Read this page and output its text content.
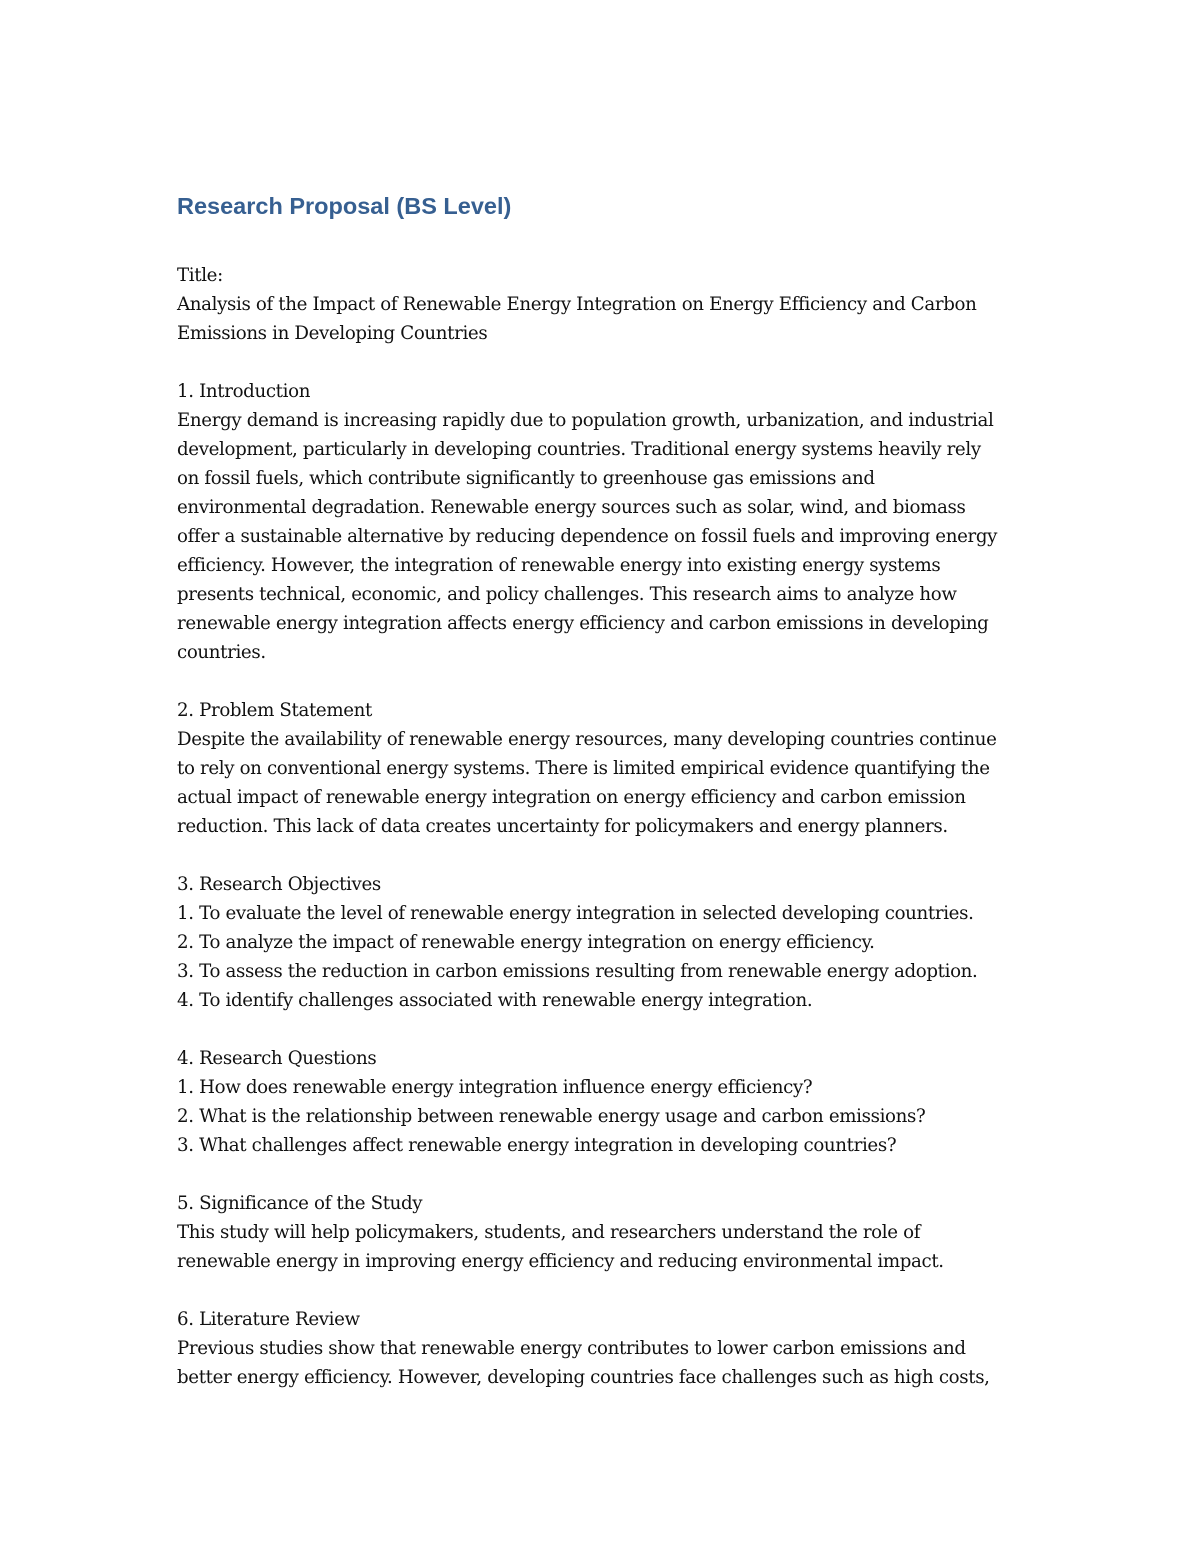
Research Proposal (BS Level)
Title:
Analysis of the Impact of Renewable Energy Integration on Energy Efficiency and Carbon
Emissions in Developing Countries
1. Introduction
Energy demand is increasing rapidly due to population growth, urbanization, and industrial
development, particularly in developing countries. Traditional energy systems heavily rely
on fossil fuels, which contribute significantly to greenhouse gas emissions and
environmental degradation. Renewable energy sources such as solar, wind, and biomass
offer a sustainable alternative by reducing dependence on fossil fuels and improving energy
efficiency. However, the integration of renewable energy into existing energy systems
presents technical, economic, and policy challenges. This research aims to analyze how
renewable energy integration affects energy efficiency and carbon emissions in developing
countries.
2. Problem Statement
Despite the availability of renewable energy resources, many developing countries continue
to rely on conventional energy systems. There is limited empirical evidence quantifying the
actual impact of renewable energy integration on energy efficiency and carbon emission
reduction. This lack of data creates uncertainty for policymakers and energy planners.
3. Research Objectives
1. To evaluate the level of renewable energy integration in selected developing countries.
2. To analyze the impact of renewable energy integration on energy efficiency.
3. To assess the reduction in carbon emissions resulting from renewable energy adoption.
4. To identify challenges associated with renewable energy integration.
4. Research Questions
1. How does renewable energy integration influence energy efficiency?
2. What is the relationship between renewable energy usage and carbon emissions?
3. What challenges affect renewable energy integration in developing countries?
5. Significance of the Study
This study will help policymakers, students, and researchers understand the role of
renewable energy in improving energy efficiency and reducing environmental impact.
6. Literature Review
Previous studies show that renewable energy contributes to lower carbon emissions and
better energy efficiency. However, developing countries face challenges such as high costs,
